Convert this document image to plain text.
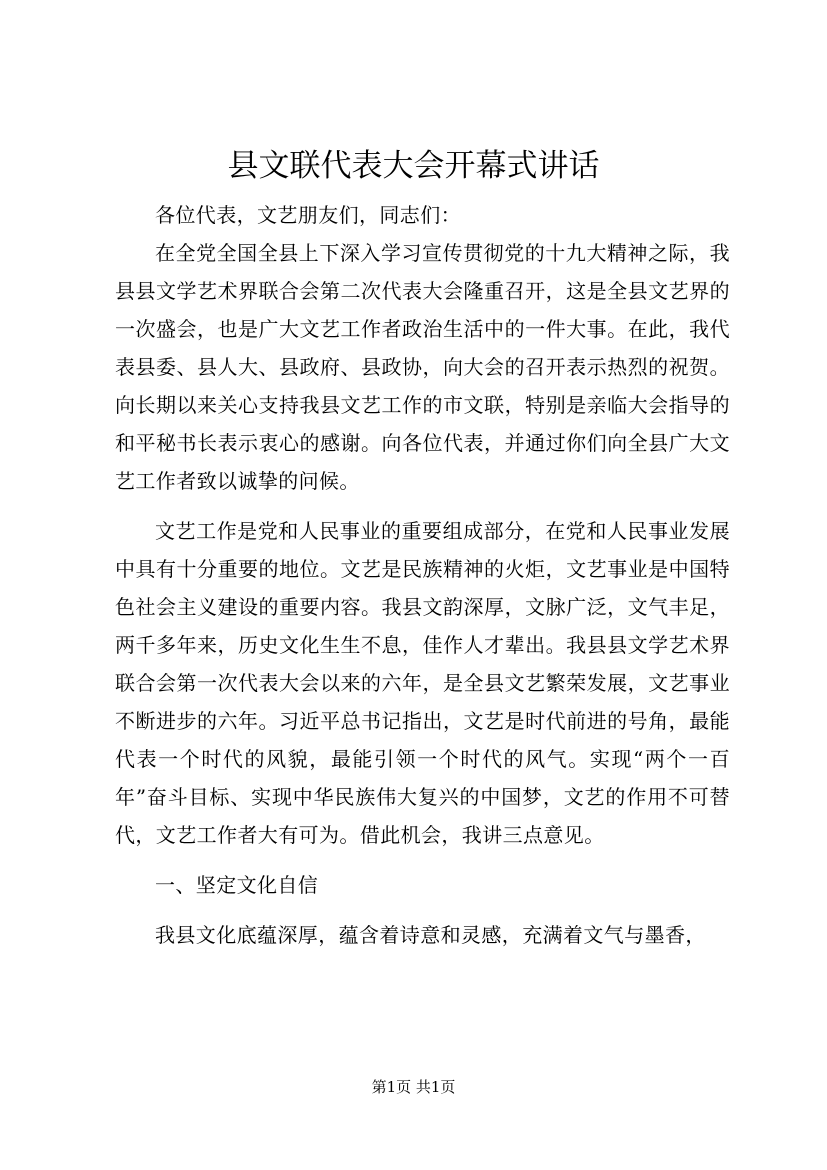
县文联代表大会开幕式讲话

各位代表，文艺朋友们，同志们：

在全党全国全县上下深入学习宣传贯彻党的十九大精神之际，我县县文学艺术界联合会第二次代表大会隆重召开，这是全县文艺界的一次盛会，也是广大文艺工作者政治生活中的一件大事。在此，我代表县委、县人大、县政府、县政协，向大会的召开表示热烈的祝贺。向长期以来关心支持我县文艺工作的市文联，特别是亲临大会指导的和平秘书长表示衷心的感谢。向各位代表，并通过你们向全县广大文艺工作者致以诚挚的问候。

文艺工作是党和人民事业的重要组成部分，在党和人民事业发展中具有十分重要的地位。文艺是民族精神的火炬，文艺事业是中国特色社会主义建设的重要内容。我县文韵深厚，文脉广泛，文气丰足，两千多年来，历史文化生生不息，佳作人才辈出。我县县文学艺术界联合会第一次代表大会以来的六年，是全县文艺繁荣发展，文艺事业不断进步的六年。习近平总书记指出，文艺是时代前进的号角，最能代表一个时代的风貌，最能引领一个时代的风气。实现“两个一百年”奋斗目标、实现中华民族伟大复兴的中国梦，文艺的作用不可替代，文艺工作者大有可为。借此机会，我讲三点意见。

一、坚定文化自信

我县文化底蕴深厚，蕴含着诗意和灵感，充满着文气与墨香，

第1页 共1页
